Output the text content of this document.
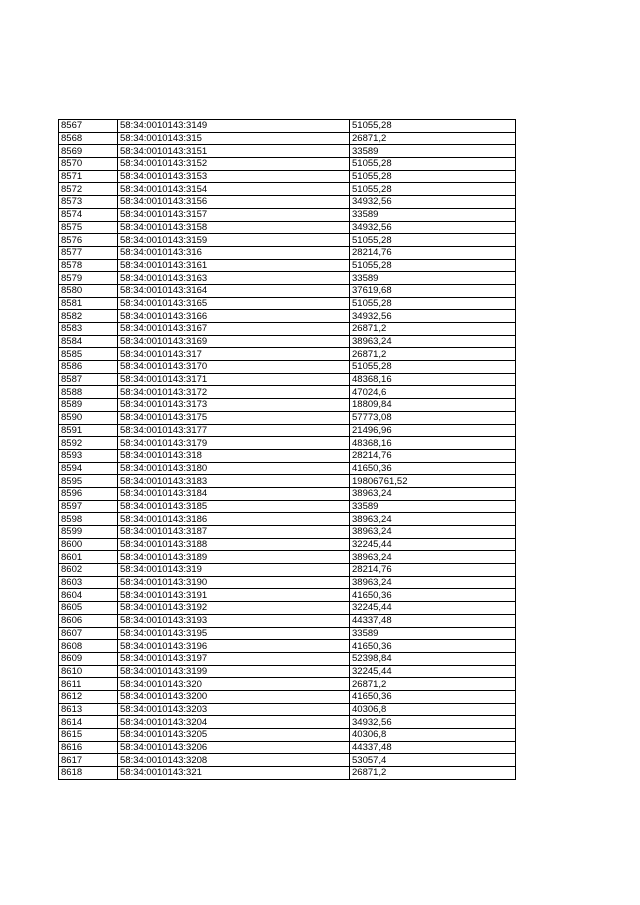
8567	58:34:0010143:3149	51055,28
8568	58:34:0010143:315	26871,2
8569	58:34:0010143:3151	33589
8570	58:34:0010143:3152	51055,28
8571	58:34:0010143:3153	51055,28
8572	58:34:0010143:3154	51055,28
8573	58:34:0010143:3156	34932,56
8574	58:34:0010143:3157	33589
8575	58:34:0010143:3158	34932,56
8576	58:34:0010143:3159	51055,28
8577	58:34:0010143:316	28214,76
8578	58:34:0010143:3161	51055,28
8579	58:34:0010143:3163	33589
8580	58:34:0010143:3164	37619,68
8581	58:34:0010143:3165	51055,28
8582	58:34:0010143:3166	34932,56
8583	58:34:0010143:3167	26871,2
8584	58:34:0010143:3169	38963,24
8585	58:34:0010143:317	26871,2
8586	58:34:0010143:3170	51055,28
8587	58:34:0010143:3171	48368,16
8588	58:34:0010143:3172	47024,6
8589	58:34:0010143:3173	18809,84
8590	58:34:0010143:3175	57773,08
8591	58:34:0010143:3177	21496,96
8592	58:34:0010143:3179	48368,16
8593	58:34:0010143:318	28214,76
8594	58:34:0010143:3180	41650,36
8595	58:34:0010143:3183	19806761,52
8596	58:34:0010143:3184	38963,24
8597	58:34:0010143:3185	33589
8598	58:34:0010143:3186	38963,24
8599	58:34:0010143:3187	38963,24
8600	58:34:0010143:3188	32245,44
8601	58:34:0010143:3189	38963,24
8602	58:34:0010143:319	28214,76
8603	58:34:0010143:3190	38963,24
8604	58:34:0010143:3191	41650,36
8605	58:34:0010143:3192	32245,44
8606	58:34:0010143:3193	44337,48
8607	58:34:0010143:3195	33589
8608	58:34:0010143:3196	41650,36
8609	58:34:0010143:3197	52398,84
8610	58:34:0010143:3199	32245,44
8611	58:34:0010143:320	26871,2
8612	58:34:0010143:3200	41650,36
8613	58:34:0010143:3203	40306,8
8614	58:34:0010143:3204	34932,56
8615	58:34:0010143:3205	40306,8
8616	58:34:0010143:3206	44337,48
8617	58:34:0010143:3208	53057,4
8618	58:34:0010143:321	26871,2
